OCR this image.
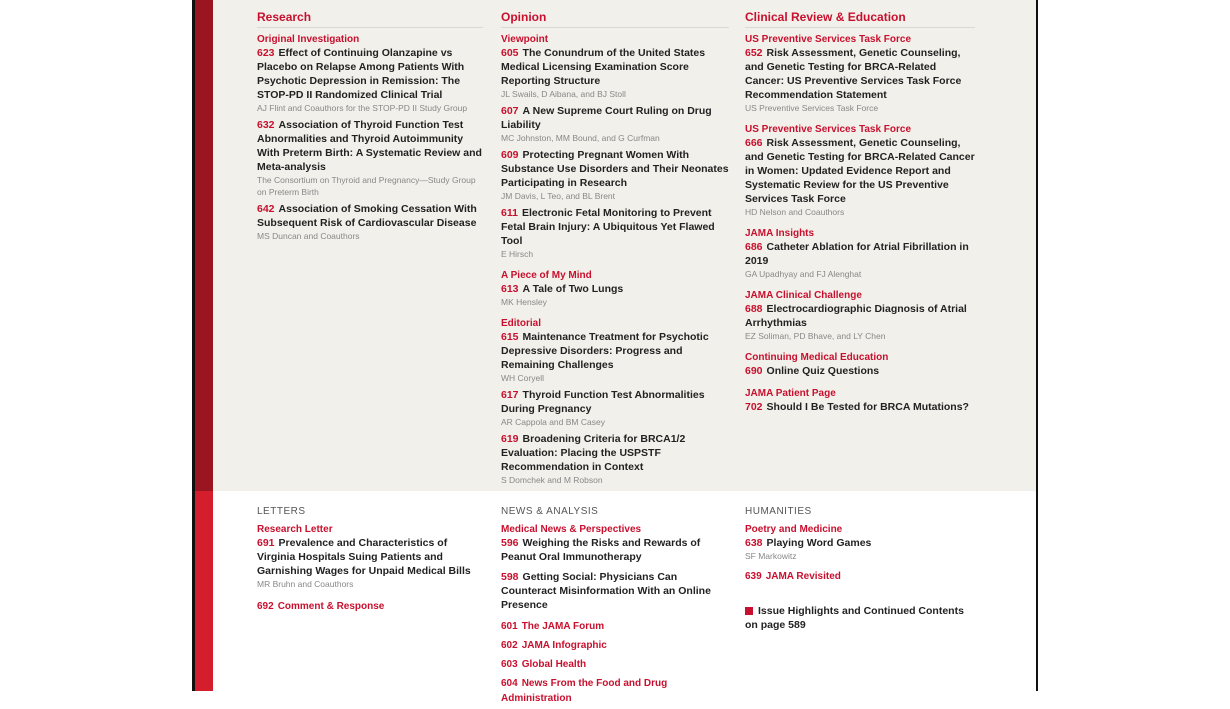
Research
Original Investigation
623 Effect of Continuing Olanzapine vs Placebo on Relapse Among Patients With Psychotic Depression in Remission: The STOP-PD II Randomized Clinical Trial
AJ Flint and Coauthors for the STOP-PD II Study Group
632 Association of Thyroid Function Test Abnormalities and Thyroid Autoimmunity With Preterm Birth: A Systematic Review and Meta-analysis
The Consortium on Thyroid and Pregnancy—Study Group on Preterm Birth
642 Association of Smoking Cessation With Subsequent Risk of Cardiovascular Disease
MS Duncan and Coauthors
Opinion
Viewpoint
605 The Conundrum of the United States Medical Licensing Examination Score Reporting Structure
JL Swails, D Aibana, and BJ Stoll
607 A New Supreme Court Ruling on Drug Liability
MC Johnston, MM Bound, and G Curfman
609 Protecting Pregnant Women With Substance Use Disorders and Their Neonates Participating in Research
JM Davis, L Teo, and BL Brent
611 Electronic Fetal Monitoring to Prevent Fetal Brain Injury: A Ubiquitous Yet Flawed Tool
E Hirsch
A Piece of My Mind
613 A Tale of Two Lungs
MK Hensley
Editorial
615 Maintenance Treatment for Psychotic Depressive Disorders: Progress and Remaining Challenges
WH Coryell
617 Thyroid Function Test Abnormalities During Pregnancy
AR Cappola and BM Casey
619 Broadening Criteria for BRCA1/2 Evaluation: Placing the USPSTF Recommendation in Context
S Domchek and M Robson
Clinical Review & Education
US Preventive Services Task Force
652 Risk Assessment, Genetic Counseling, and Genetic Testing for BRCA-Related Cancer: US Preventive Services Task Force Recommendation Statement
US Preventive Services Task Force
US Preventive Services Task Force
666 Risk Assessment, Genetic Counseling, and Genetic Testing for BRCA-Related Cancer in Women: Updated Evidence Report and Systematic Review for the US Preventive Services Task Force
HD Nelson and Coauthors
JAMA Insights
686 Catheter Ablation for Atrial Fibrillation in 2019
GA Upadhyay and FJ Alenghat
JAMA Clinical Challenge
688 Electrocardiographic Diagnosis of Atrial Arrhythmias
EZ Soliman, PD Bhave, and LY Chen
Continuing Medical Education
690 Online Quiz Questions
JAMA Patient Page
702 Should I Be Tested for BRCA Mutations?
LETTERS
Research Letter
691 Prevalence and Characteristics of Virginia Hospitals Suing Patients and Garnishing Wages for Unpaid Medical Bills
MR Bruhn and Coauthors
692 Comment & Response
NEWS & ANALYSIS
Medical News & Perspectives
596 Weighing the Risks and Rewards of Peanut Oral Immunotherapy
598 Getting Social: Physicians Can Counteract Misinformation With an Online Presence
601 The JAMA Forum
602 JAMA Infographic
603 Global Health
604 News From the Food and Drug Administration
HUMANITIES
Poetry and Medicine
638 Playing Word Games
SF Markowitz
639 JAMA Revisited
Issue Highlights and Continued Contents on page 589
